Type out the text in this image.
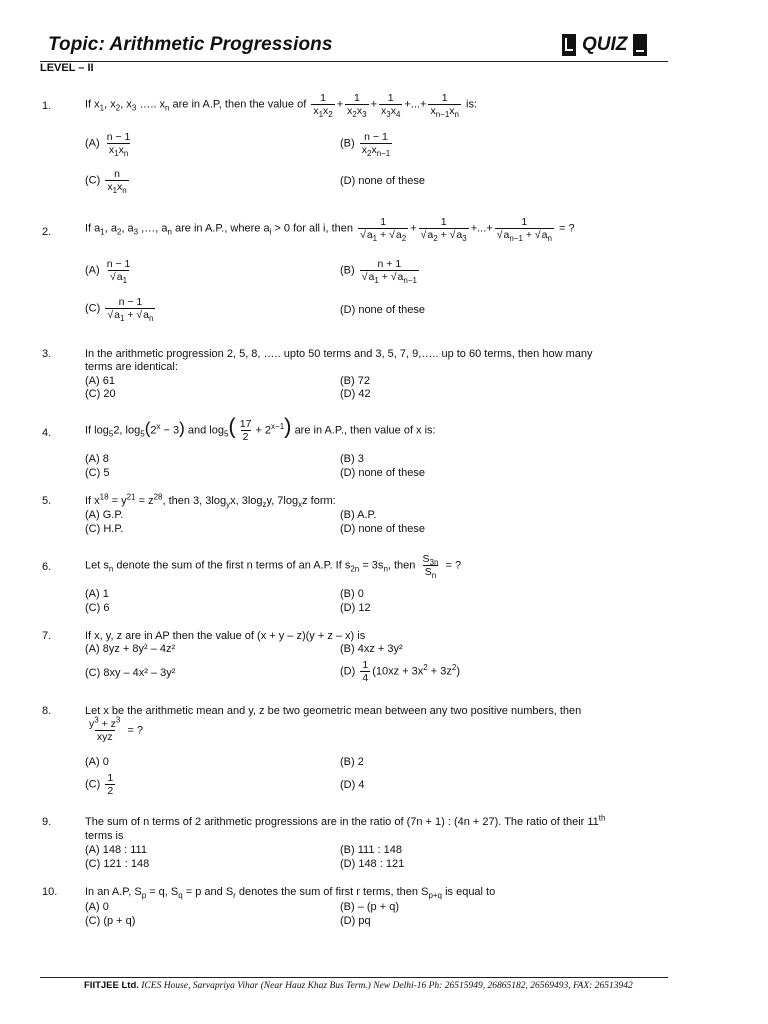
Topic: Arithmetic Progressions	QUIZ
LEVEL – II
1.	If $x_1$, $x_2$, $x_3$ ….. $x_n$ are in A.P, then the value of $\frac{1}{x_1x_2} + \frac{1}{x_2x_3} + \frac{1}{x_3x_4}$ +...+ $\frac{1}{x_{n-1}x_n}$ is:
$(A) \frac{n - 1}{x_1x_n}$	$(B) \frac{n - 1}{x_2x_{n-1}}$
$(C) \frac{n}{x_1x_n}$	(D) none of these
2.	If $a_1$, $a_2$, $a_3$ ,…, $a_n$ are in A.P., where $a_i > 0$ for all i, then $\frac{1}{√a_1 + √a_2} + \frac{1}{√a_2 + √a_3}$ +...+ $\frac{1}{√a_{n-1} + √a_n}$ = ?
$(A) \frac{n - 1}{√a_1}$	$(B) \frac{n + 1}{√a_1 + √a_{n-1}}$
$(C) \frac{n - 1}{√a_1 + √a_n}$	(D) none of these
3.	In the arithmetic progression 2, 5, 8, ….. upto 50 terms and 3, 5, 7, 9,….. up to 60 terms, then how many
terms are identical:
(A) 61	(B) 72
(C) 20	(D) 42
4.	If $\log_52$, $\log_5(2^x - 3)$ and $\log_5( \frac{17}{2} + 2^{x-1})$ are in A.P., then value of x is:
(A) 8	(B) 3
(C) 5	(D) none of these
5.	If $x^{18} = y^{21} = z^{28}$, then 3, $3\log_yx$, $3\log_zy$, $7\log_xz$ form:
(A) G.P.	(B) A.P.
(C) H.P.	(D) none of these
6.	Let $s_n$ denote the sum of the first n terms of an A.P. If $s_{2n} = 3s_n$, then $\frac{S_{3n}}{S_n}$ = ?
(A) 1	(B) 0
(C) 6	(D) 12
7.	If x, y, z are in AP then the value of (x + y – z)(y + z – x) is
(A) 8yz + 8y² – 4z²	(B) 4xz + 3y²
(C) 8xy – 4x² – 3y²	$(D) \frac{1}{4} (10xz + 3x^2 + 3z^2)$
8.	Let x be the arithmetic mean and y, z be two geometric mean between any two positive numbers, then
$\frac{y^3 + z^3}{\text{xyz}}$ = ?
(A) 0	(B) 2
$(C) \frac{1}{2}$	(D) 4
9.	The sum of n terms of 2 arithmetic progressions are in the ratio of (7n + 1) : (4n + 27). The ratio of their 11th
terms is
(A) 148 : 111	(B) 111 : 148
(C) 121 : 148	(D) 148 : 121
10.	In an A.P, $S_p = q$, $S_q = p$ and $S_r$ denotes the sum of first r terms, then $S_{p+q}$ is equal to
(A) 0	(B) – (p + q)
(C) (p + q)	(D) pq
FIITJEE Ltd. ICES House, Sarvapriya Vihar (Near Hauz Khaz Bus Term.) New Delhi-16 Ph: 26515949, 26865182, 26569493, FAX: 26513942
